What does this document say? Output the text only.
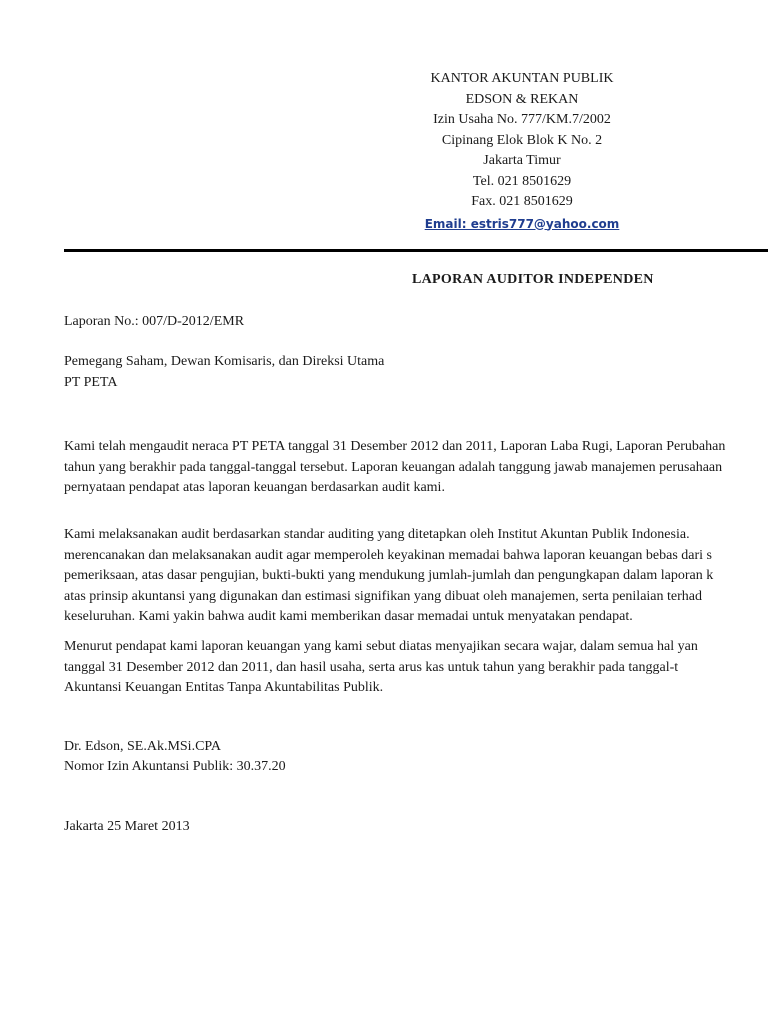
KANTOR AKUNTAN PUBLIK
EDSON & REKAN
Izin Usaha No. 777/KM.7/2002
Cipinang Elok Blok K No. 2
Jakarta Timur
Tel. 021 8501629
Fax. 021 8501629
Email: estris777@yahoo.com
LAPORAN AUDITOR INDEPENDEN
Laporan No.: 007/D-2012/EMR
Pemegang Saham, Dewan Komisaris, dan Direksi Utama
PT PETA
Kami telah mengaudit neraca PT PETA tanggal 31 Desember 2012 dan 2011, Laporan Laba Rugi, Laporan Perubahan
tahun yang berakhir pada tanggal-tanggal tersebut. Laporan keuangan adalah tanggung jawab manajemen perusahaan
pernyataan pendapat atas laporan keuangan berdasarkan audit kami.
Kami melaksanakan audit berdasarkan standar auditing yang ditetapkan oleh Institut Akuntan Publik Indonesia.
merencanakan dan melaksanakan audit agar memperoleh keyakinan memadai bahwa laporan keuangan bebas dari s
pemeriksaan, atas dasar pengujian, bukti-bukti yang mendukung jumlah-jumlah dan pengungkapan dalam laporan k
atas prinsip akuntansi yang digunakan dan estimasi signifikan yang dibuat oleh manajemen, serta penilaian terhad
keseluruhan. Kami yakin bahwa audit kami memberikan dasar memadai untuk menyatakan pendapat.
Menurut pendapat kami laporan keuangan yang kami sebut diatas menyajikan secara wajar, dalam semua hal yan
tanggal 31 Desember 2012 dan 2011, dan hasil usaha, serta arus kas untuk tahun yang berakhir pada tanggal-t
Akuntansi Keuangan Entitas Tanpa Akuntabilitas Publik.
Dr. Edson, SE.Ak.MSi.CPA
Nomor Izin Akuntansi Publik: 30.37.20
Jakarta 25 Maret 2013
